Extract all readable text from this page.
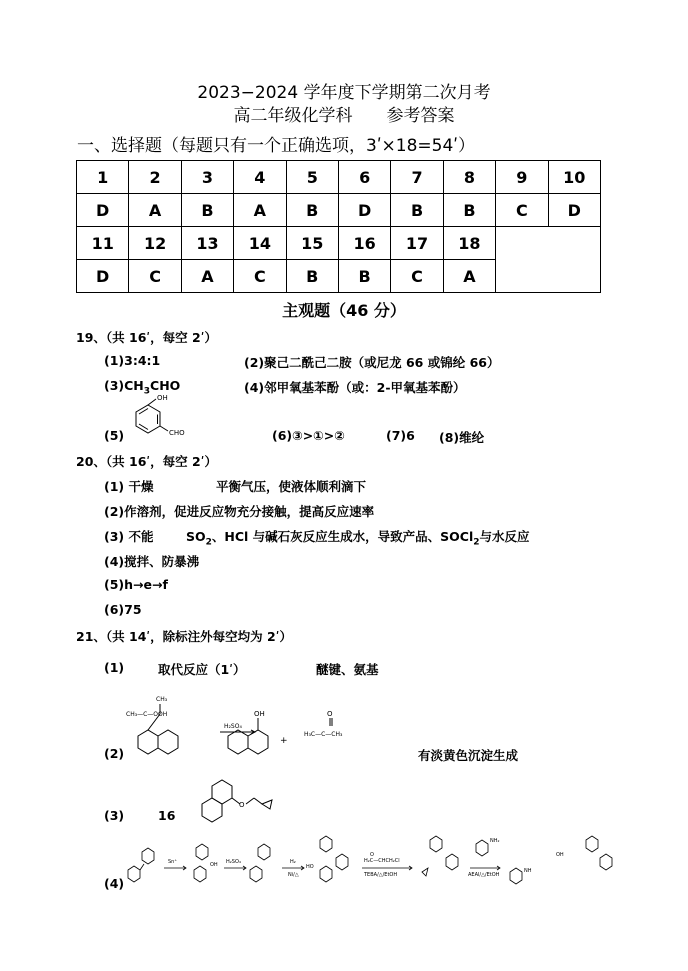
2023−2024 学年度下学期第二次月考
高二年级化学科　　参考答案
一、选择题（每题只有一个正确选项，3ʹ×18=54ʹ）
1	2	3	4	5	6	7	8	9	10
D	A	B	A	B	D	B	B	C	D
11	12	13	14	15	16	17	18		
D	C	A	C	B	B	C	A		
主观题（46 分）
19、（共 16ʹ，每空 2ʹ）
(1)3:4:1	(2)聚己二酰己二胺（或尼龙 66 或锦纶 66）
$(3)CH_3CHO$	(4)邻甲氧基苯酚（或：2-甲氧基苯酚）
(5)
OH
CHO	(6)③>①>②	(7)6 (8)维纶
20、（共 16ʹ，每空 2ʹ）
(1) 干燥	平衡气压，使液体顺利滴下
(2)作溶剂，促进反应物充分接触，提高反应速率
(3) 不能	$SO_2$、HCl 与碱石灰反应生成水，导致产品、SOCl$_2$与水反应
(4)搅拌、防暴沸
(5)h→e→f
(6)75
21、（共 14ʹ，除标注外每空均为 2ʹ）
(1)	取代反应（1ʹ）	醚键、氨基
(2)
CH₃
CH₃—C—OOH
H₂SO₄
OH
+
O
H₃C—C—CH₃
有淡黄色沉淀生成
(3)	16
O
(4)
Sn⁺	OH H₂SO₄	H₂
Ni/△
HO
O
H₂C—CHCH₂Cl
TEBA/△/EtOH
NH₂
AEAl/△/EtOH
NH
OH
